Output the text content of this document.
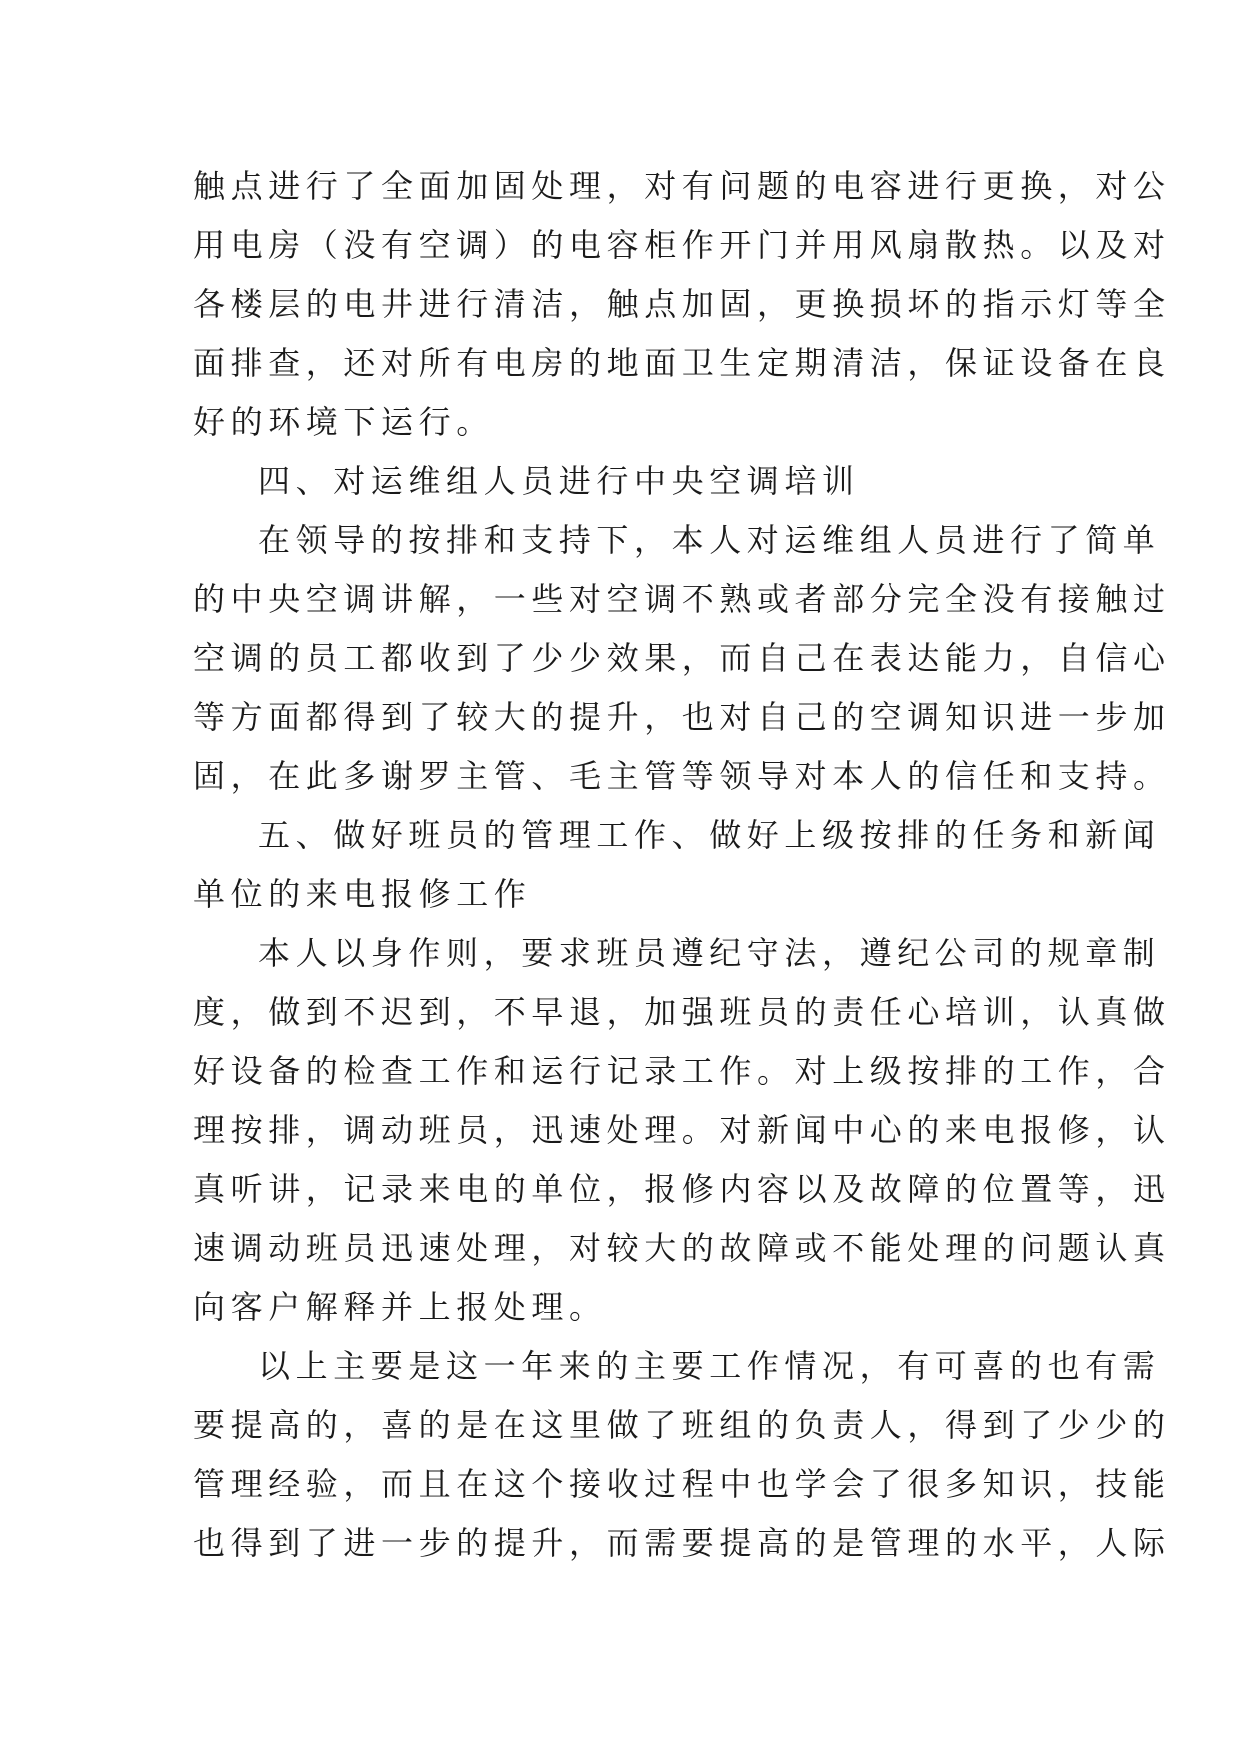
触点进行了全面加固处理，对有问题的电容进行更换，对公
用电房（没有空调）的电容柜作开门并用风扇散热。以及对
各楼层的电井进行清洁，触点加固，更换损坏的指示灯等全
面排查，还对所有电房的地面卫生定期清洁，保证设备在良
好的环境下运行。
四、对运维组人员进行中央空调培训
在领导的按排和支持下，本人对运维组人员进行了简单
的中央空调讲解，一些对空调不熟或者部分完全没有接触过
空调的员工都收到了少少效果，而自己在表达能力，自信心
等方面都得到了较大的提升，也对自己的空调知识进一步加
固，在此多谢罗主管、毛主管等领导对本人的信任和支持。
五、做好班员的管理工作、做好上级按排的任务和新闻
单位的来电报修工作
本人以身作则，要求班员遵纪守法，遵纪公司的规章制
度，做到不迟到，不早退，加强班员的责任心培训，认真做
好设备的检查工作和运行记录工作。对上级按排的工作，合
理按排，调动班员，迅速处理。对新闻中心的来电报修，认
真听讲，记录来电的单位，报修内容以及故障的位置等，迅
速调动班员迅速处理，对较大的故障或不能处理的问题认真
向客户解释并上报处理。
以上主要是这一年来的主要工作情况，有可喜的也有需
要提高的，喜的是在这里做了班组的负责人，得到了少少的
管理经验，而且在这个接收过程中也学会了很多知识，技能
也得到了进一步的提升，而需要提高的是管理的水平，人际
